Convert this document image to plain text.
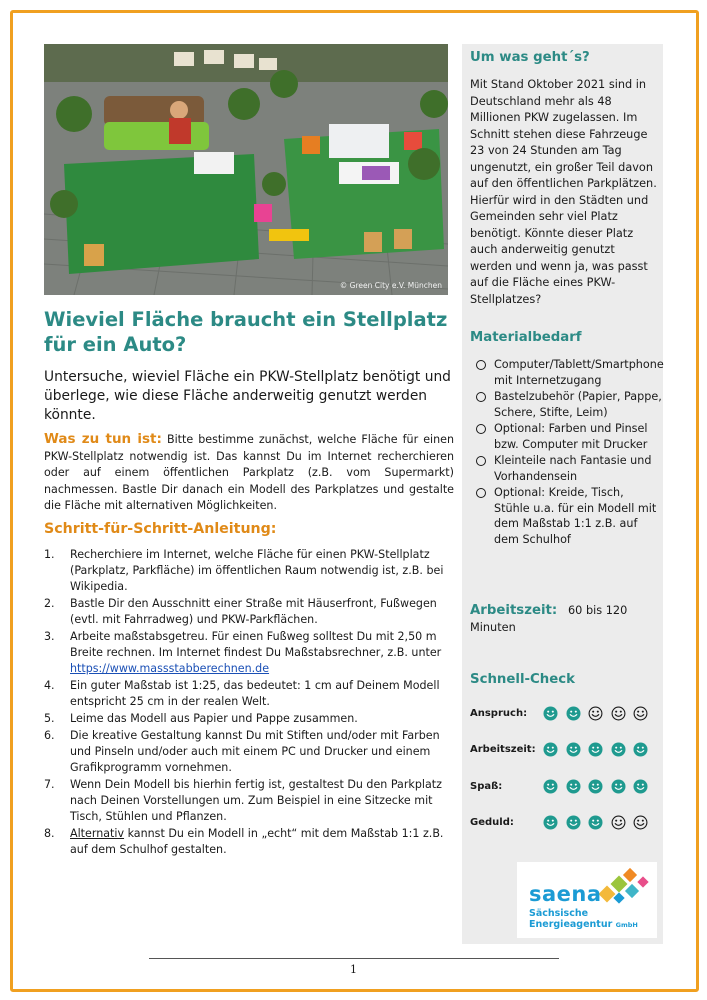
© Green City e.V. München
Wieviel Fläche braucht ein Stellplatz für ein Auto?

Untersuche, wieviel Fläche ein PKW-Stellplatz benötigt und überlege, wie diese Fläche anderweitig genutzt werden könnte.

Was zu tun ist: Bitte bestimme zunächst, welche Fläche für einen PKW-Stellplatz notwendig ist. Das kannst Du im Internet recherchieren oder auf einem öffentlichen Parkplatz (z.B. vom Supermarkt) nachmessen. Bastle Dir danach ein Modell des Parkplatzes und gestalte die Fläche mit alternativen Möglichkeiten.

Schritt-für-Schritt-Anleitung:
1. Recherchiere im Internet, welche Fläche für einen PKW-Stellplatz (Parkplatz, Parkfläche) im öffentlichen Raum notwendig ist, z.B. bei Wikipedia.
2. Bastle Dir den Ausschnitt einer Straße mit Häuserfront, Fußwegen (evtl. mit Fahrradweg) und PKW-Parkflächen.
3. Arbeite maßstabsgetreu. Für einen Fußweg solltest Du mit 2,50 m Breite rechnen. Im Internet findest Du Maßstabsrechner, z.B. unter https://www.massstabberechnen.de
4. Ein guter Maßstab ist 1:25, das bedeutet: 1 cm auf Deinem Modell entspricht 25 cm in der realen Welt.
5. Leime das Modell aus Papier und Pappe zusammen.
6. Die kreative Gestaltung kannst Du mit Stiften und/oder mit Farben und Pinseln und/oder auch mit einem PC und Drucker und einem Grafikprogramm vornehmen.
7. Wenn Dein Modell bis hierhin fertig ist, gestaltest Du den Parkplatz nach Deinen Vorstellungen um. Zum Beispiel in eine Sitzecke mit Tisch, Stühlen und Pflanzen.
8. Alternativ kannst Du ein Modell in „echt“ mit dem Maßstab 1:1 z.B. auf dem Schulhof gestalten.
Um was geht´s?

Mit Stand Oktober 2021 sind in Deutschland mehr als 48 Millionen PKW zugelassen. Im Schnitt stehen diese Fahrzeuge 23 von 24 Stunden am Tag ungenutzt, ein großer Teil davon auf den öffentlichen Parkplätzen. Hierfür wird in den Städten und Gemeinden sehr viel Platz benötigt. Könnte dieser Platz auch anderweitig genutzt werden und wenn ja, was passt auf die Fläche eines PKW-Stellplatzes?

Materialbedarf
Computer/Tablett/Smartphone mit Internetzugang
Bastelzubehör (Papier, Pappe, Schere, Stifte, Leim)
Optional: Farben und Pinsel bzw. Computer mit Drucker
Kleinteile nach Fantasie und Vorhandensein
Optional: Kreide, Tisch, Stühle u.a. für ein Modell mit dem Maßstab 1:1 z.B. auf dem Schulhof
Arbeitszeit: 60 bis 120 Minuten
Schnell-Check
Anspruch:
Arbeitszeit:
Spaß:
Geduld:
saena
Sächsische
Energieagentur GmbH
1
